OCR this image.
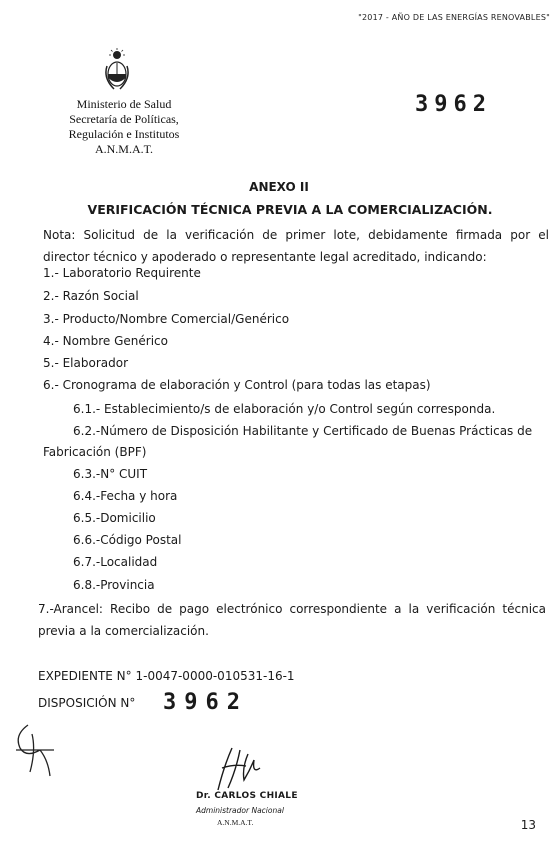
"2017 - AÑO DE LAS ENERGÍAS RENOVABLES"
Ministerio de Salud
Secretaría de Políticas,
Regulación e Institutos
A.N.M.A.T.
3962
ANEXO II
VERIFICACIÓN TÉCNICA PREVIA A LA COMERCIALIZACIÓN.
Nota: Solicitud de la verificación de primer lote, debidamente firmada por el director técnico y apoderado o representante legal acreditado, indicando:
1.- Laboratorio Requirente
2.- Razón Social
3.- Producto/Nombre Comercial/Genérico
4.- Nombre Genérico
5.- Elaborador
6.- Cronograma de elaboración y Control (para todas las etapas)
6.1.- Establecimiento/s de elaboración y/o Control según corresponda.
6.2.-Número de Disposición Habilitante y Certificado de Buenas Prácticas de
Fabricación (BPF)
6.3.-N° CUIT
6.4.-Fecha y hora
6.5.-Domicilio
6.6.-Código Postal
6.7.-Localidad
6.8.-Provincia
7.-Arancel: Recibo de pago electrónico correspondiente a la verificación técnica previa a la comercialización.
EXPEDIENTE N° 1-0047-0000-010531-16-1
DISPOSICIÓN N° 3962
Dr. CARLOS CHIALE
Administrador Nacional
A.N.M.A.T.	13
